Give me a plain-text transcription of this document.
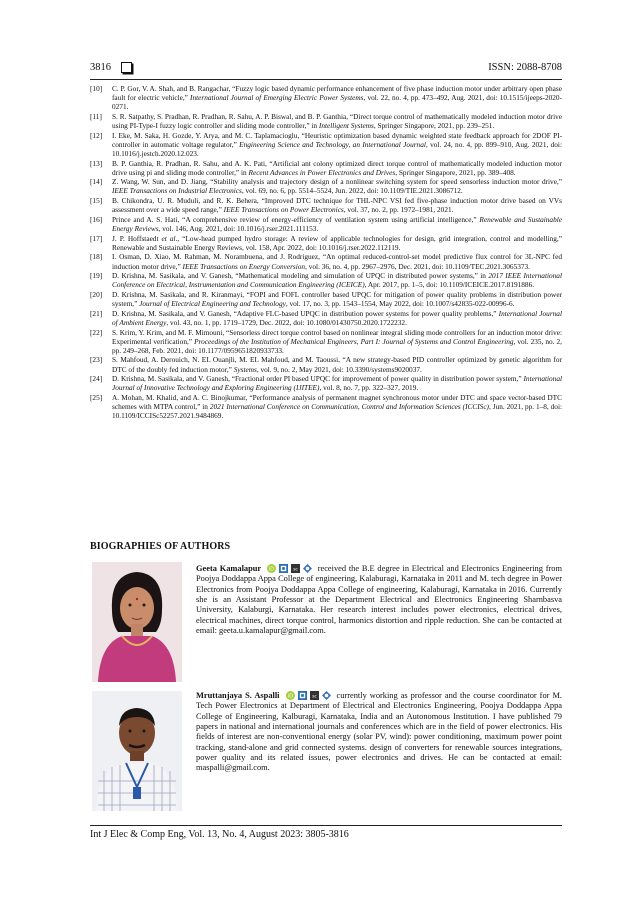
3816	ISSN: 2088-8708
[10]	C. P. Gor, V. A. Shah, and B. Rangachar, “Fuzzy logic based dynamic performance enhancement of five phase induction motor under arbitrary open phase fault for electric vehicle,” International Journal of Emerging Electric Power Systems, vol. 22, no. 4, pp. 473–492, Aug. 2021, doi: 10.1515/ijeeps-2020-0271.
[11]	S. R. Satpathy, S. Pradhan, R. Pradhan, R. Sahu, A. P. Biswal, and B. P. Ganthia, “Direct torque control of mathematically modeled induction motor drive using PI-Type-I fuzzy logic controller and sliding mode controller,” in Intelligent Systems, Springer Singapore, 2021, pp. 239–251.
[12]	I. Eke, M. Saka, H. Gozde, Y. Arya, and M. C. Taplamacioglu, “Heuristic optimization based dynamic weighted state feedback approach for 2DOF PI-controller in automatic voltage regulator,” Engineering Science and Technology, an International Journal, vol. 24, no. 4, pp. 899–910, Aug. 2021, doi: 10.1016/j.jestch.2020.12.023.
[13]	B. P. Ganthia, R. Pradhan, R. Sahu, and A. K. Pati, “Artificial ant colony optimized direct torque control of mathematically modeled induction motor drive using pi and sliding mode controller,” in Recent Advances in Power Electronics and Drives, Springer Singapore, 2021, pp. 389–408.
[14]	Z. Wang, W. Sun, and D. Jiang, “Stability analysis and trajectory design of a nonlinear switching system for speed sensorless induction motor drive,” IEEE Transactions on Industrial Electronics, vol. 69, no. 6, pp. 5514–5524, Jun. 2022, doi: 10.1109/TIE.2021.3086712.
[15]	B. Chikondra, U. R. Muduli, and R. K. Behera, “Improved DTC technique for THL-NPC VSI fed five-phase induction motor drive based on VVs assessment over a wide speed range,” IEEE Transactions on Power Electronics, vol. 37, no. 2, pp. 1972–1981, 2021.
[16]	Prince and A. S. Hati, “A comprehensive review of energy-efficiency of ventilation system using artificial intelligence,” Renewable and Sustainable Energy Reviews, vol. 146, Aug. 2021, doi: 10.1016/j.rser.2021.111153.
[17]	J. P. Hoffstaedt et al., “Low-head pumped hydro storage: A review of applicable technologies for design, grid integration, control and modelling,” Renewable and Sustainable Energy Reviews, vol. 158, Apr. 2022, doi: 10.1016/j.rser.2022.112119.
[18]	I. Osman, D. Xiao, M. Rahman, M. Norambuena, and J. Rodriguez, “An optimal reduced-control-set model predictive flux control for 3L-NPC fed induction motor drive,” IEEE Transactions on Energy Conversion, vol. 36, no. 4, pp. 2967–2976, Dec. 2021, doi: 10.1109/TEC.2021.3065373.
[19]	D. Krishna, M. Sasikala, and V. Ganesh, “Mathematical modeling and simulation of UPQC in distributed power systems,” in 2017 IEEE International Conference on Electrical, Instrumentation and Communication Engineering (ICEICE), Apr. 2017, pp. 1–5, doi: 10.1109/ICEICE.2017.8191886.
[20]	D. Krishna, M. Sasikala, and R. Kiranmayi, “FOPI and FOFL controller based UPQC for mitigation of power quality problems in distribution power system,” Journal of Electrical Engineering and Technology, vol. 17, no. 3, pp. 1543–1554, May 2022, doi: 10.1007/s42835-022-00996-6.
[21]	D. Krishna, M. Sasikala, and V. Ganesh, “Adaptive FLC-based UPQC in distribution power systems for power quality problems,” International Journal of Ambient Energy, vol. 43, no. 1, pp. 1719–1729, Dec. 2022, doi: 10.1080/01430750.2020.1722232.
[22]	S. Krim, Y. Krim, and M. F. Mimouni, “Sensorless direct torque control based on nonlinear integral sliding mode controllers for an induction motor drive: Experimental verification,” Proceedings of the Institution of Mechanical Engineers, Part I: Journal of Systems and Control Engineering, vol. 235, no. 2, pp. 249–268, Feb. 2021, doi: 10.1177/0959651820933733.
[23]	S. Mahfoud, A. Derouich, N. EL Ouanjli, M. EL Mahfoud, and M. Taoussi, “A new strategy-based PID controller optimized by genetic algorithm for DTC of the doubly fed induction motor,” Systems, vol. 9, no. 2, May 2021, doi: 10.3390/systems9020037.
[24]	D. Krishna, M. Sasikala, and V. Ganesh, “Fractional order PI based UPQC for improvement of power quality in distribution power system,” International Journal of Innovative Technology and Exploring Engineering (IJITEE), vol. 8, no. 7, pp. 322–327, 2019.
[25]	A. Mohan, M. Khalid, and A. C. Binojkumar, “Performance analysis of permanent magnet synchronous motor under DTC and space vector-based DTC schemes with MTPA control,” in 2021 International Conference on Communication, Control and Information Sciences (ICCISc), Jun. 2021, pp. 1–8, doi: 10.1109/ICCISc52257.2021.9484869.
BIOGRAPHIES OF AUTHORS
Geeta Kamalapur iD	sc received the B.E degree in Electrical and Electronics Engineering from Poojya Doddappa Appa College of engineering, Kalaburagi, Karnataka in 2011 and M. tech degree in Power Electronics from Poojya Doddappa Appa College of engineering, Kalaburagi, Karnataka in 2016. Currently she is an Assistant Professor at the Department Electrical and Electronics Engineering Sharnbasva University, Kalaburgi, Karnataka. Her research interest includes power electronics, electrical drives, electrical machines, direct torque control, harmonics distortion and ripple reduction. She can be contacted at email: geeta.u.kamalapur@gmail.com.
Mruttanjaya S. Aspalli iD	sc currently working as professor and the course coordinator for M. Tech Power Electronics at Department of Electrical and Electronics Engineering, Poojya Doddappa Appa College of Engineering, Kalburagi, Karnataka, India and an Autonomous Institution. I have published 79 papers in national and international journals and conferences which are in the field of power electronics. His fields of interest are non-conventional energy (solar PV, wind): power conditioning, maximum power point tracking, stand-alone and grid connected systems. design of converters for renewable sources integrations, power quality and its related issues, power electronics and drives. He can be contacted at email: maspalli@gmail.com.
Int J Elec & Comp Eng, Vol. 13, No. 4, August 2023: 3805-3816
